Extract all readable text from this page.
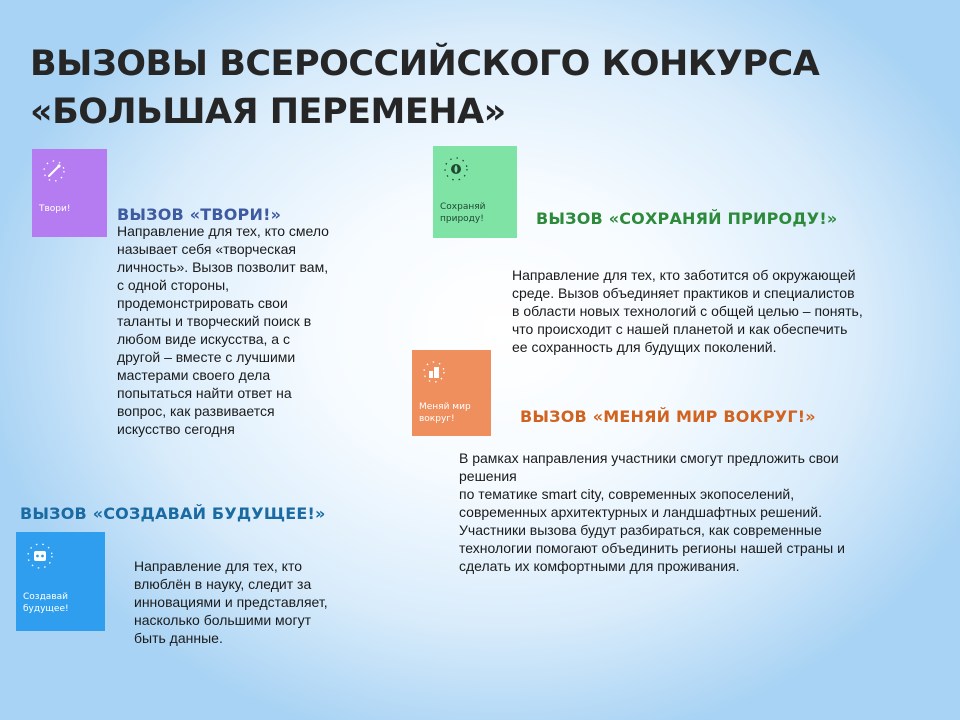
ВЫЗОВЫ ВСЕРОССИЙСКОГО КОНКУРСА
«БОЛЬШАЯ ПЕРЕМЕНА»
Твори!	ВЫЗОВ «ТВОРИ!»
Направление для тех, кто смело
называет себя «творческая
личность». Вызов позволит вам,
с одной стороны,
продемонстрировать свои
таланты и творческий поиск в
любом виде искусства, а с
другой – вместе с лучшими
мастерами своего дела
попытаться найти ответ на
вопрос, как развивается
искусство сегодня
Сохраняй
природу!	ВЫЗОВ «СОХРАНЯЙ ПРИРОДУ!»
Направление для тех, кто заботится об окружающей
среде. Вызов объединяет практиков и специалистов
в области новых технологий с общей целью – понять,
что происходит с нашей планетой и как обеспечить
ее сохранность для будущих поколений.
Меняй мир
вокруг!	ВЫЗОВ «МЕНЯЙ МИР ВОКРУГ!»
В рамках направления участники смогут предложить свои
решения
по тематике smart city, современных экопоселений,
современных архитектурных и ландшафтных решений.
Участники вызова будут разбираться, как современные
технологии помогают объединить регионы нашей страны и
сделать их комфортными для проживания.
ВЫЗОВ «СОЗДАВАЙ БУДУЩЕЕ!»
Создавай
будущее!
Направление для тех, кто
влюблён в науку, следит за
инновациями и представляет,
насколько большими могут
быть данные.
